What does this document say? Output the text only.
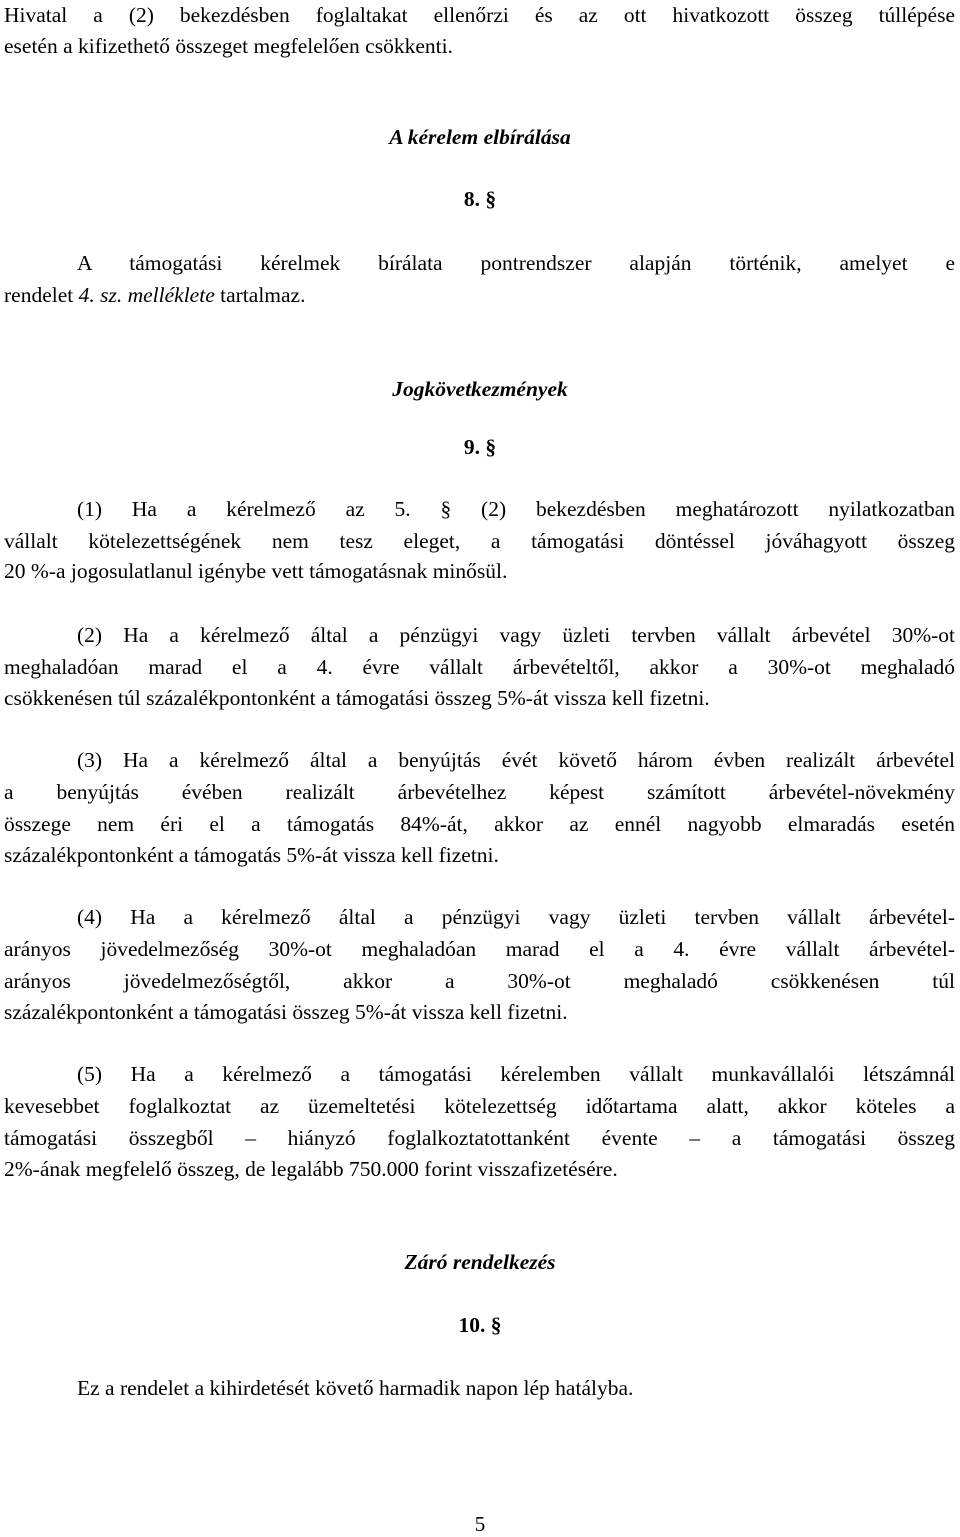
Hivatal a (2) bekezdésben foglaltakat ellenőrzi és az ott hivatkozott összeg túllépése
esetén a kifizethető összeget megfelelően csökkenti.
A kérelem elbírálása
8. §
A támogatási kérelmek bírálata pontrendszer alapján történik, amelyet e
rendelet 4. sz. melléklete tartalmaz.
Jogkövetkezmények
9. §
(1) Ha a kérelmező az 5. § (2) bekezdésben meghatározott nyilatkozatban
vállalt kötelezettségének nem tesz eleget, a támogatási döntéssel jóváhagyott összeg
20 %-a jogosulatlanul igénybe vett támogatásnak minősül.
(2) Ha a kérelmező által a pénzügyi vagy üzleti tervben vállalt árbevétel 30%-ot
meghaladóan marad el a 4. évre vállalt árbevételtől, akkor a 30%-ot meghaladó
csökkenésen túl százalékpontonként a támogatási összeg 5%-át vissza kell fizetni.
(3) Ha a kérelmező által a benyújtás évét követő három évben realizált árbevétel
a benyújtás évében realizált árbevételhez képest számított árbevétel-növekmény
összege nem éri el a támogatás 84%-át, akkor az ennél nagyobb elmaradás esetén
százalékpontonként a támogatás 5%-át vissza kell fizetni.
(4) Ha a kérelmező által a pénzügyi vagy üzleti tervben vállalt árbevétel-
arányos jövedelmezőség 30%-ot meghaladóan marad el a 4. évre vállalt árbevétel-
arányos jövedelmezőségtől, akkor a 30%-ot meghaladó csökkenésen túl
százalékpontonként a támogatási összeg 5%-át vissza kell fizetni.
(5) Ha a kérelmező a támogatási kérelemben vállalt munkavállalói létszámnál
kevesebbet foglalkoztat az üzemeltetési kötelezettség időtartama alatt, akkor köteles a
támogatási összegből – hiányzó foglalkoztatottanként évente – a támogatási összeg
2%-ának megfelelő összeg, de legalább 750.000 forint visszafizetésére.
Záró rendelkezés
10. §
Ez a rendelet a kihirdetését követő harmadik napon lép hatályba.
5
